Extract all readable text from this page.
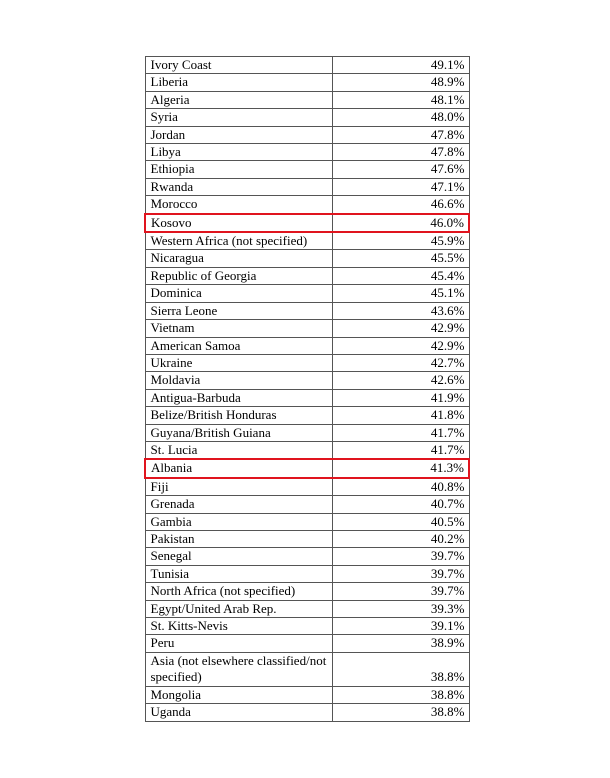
Ivory Coast	49.1%
Liberia	48.9%
Algeria	48.1%
Syria	48.0%
Jordan	47.8%
Libya	47.8%
Ethiopia	47.6%
Rwanda	47.1%
Morocco	46.6%
Kosovo	46.0%
Western Africa (not specified)	45.9%
Nicaragua	45.5%
Republic of Georgia	45.4%
Dominica	45.1%
Sierra Leone	43.6%
Vietnam	42.9%
American Samoa	42.9%
Ukraine	42.7%
Moldavia	42.6%
Antigua-Barbuda	41.9%
Belize/British Honduras	41.8%
Guyana/British Guiana	41.7%
St. Lucia	41.7%
Albania	41.3%
Fiji	40.8%
Grenada	40.7%
Gambia	40.5%
Pakistan	40.2%
Senegal	39.7%
Tunisia	39.7%
North Africa (not specified)	39.7%
Egypt/United Arab Rep.	39.3%
St. Kitts-Nevis	39.1%
Peru	38.9%
Asia (not elsewhere classified/not specified)	38.8%
Mongolia	38.8%
Uganda	38.8%
